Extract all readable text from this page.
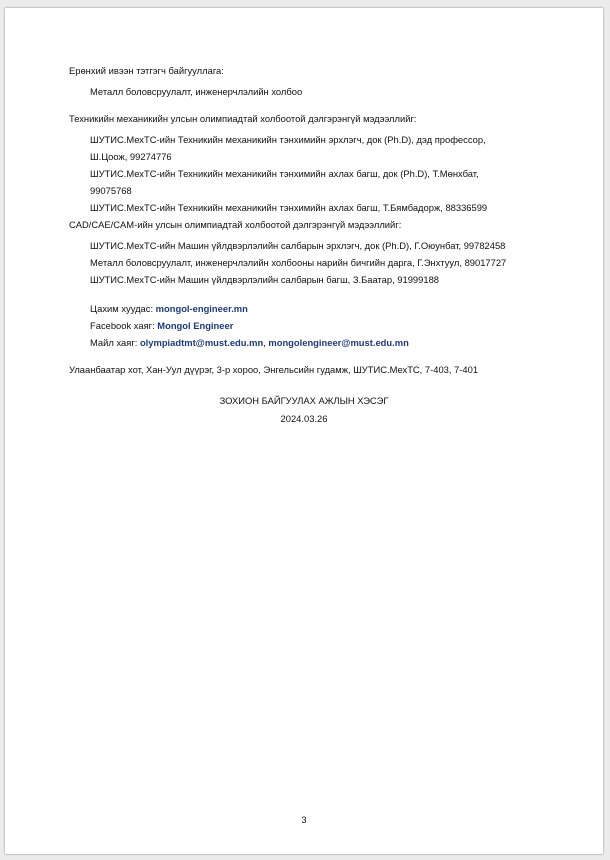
Ерөнхий ивээн тэтгэгч байгууллага:
Металл боловсруулалт, инженерчлэлийн холбоо
Техникийн механикийн улсын олимпиадтай холбоотой дэлгэрэнгүй мэдээллийг:
ШУТИС.МехТС-ийн Техникийн механикийн тэнхимийн эрхлэгч, док (Ph.D), дэд профессор,
Ш.Цоож, 99274776
ШУТИС.МехТС-ийн Техникийн механикийн тэнхимийн ахлах багш, док (Ph.D), Т.Мөнхбат,
99075768
ШУТИС.МехТС-ийн Техникийн механикийн тэнхимийн ахлах багш, Т.Бямбадорж, 88336599
CAD/CAE/CAM-ийн улсын олимпиадтай холбоотой дэлгэрэнгүй мэдээллийг:
ШУТИС.МехТС-ийн Машин үйлдвэрлэлийн салбарын эрхлэгч, док (Ph.D), Г.Оюунбат, 99782458
Металл боловсруулалт, инженерчлэлийн холбооны нарийн бичгийн дарга, Г.Энхтуул, 89017727
ШУТИС.МехТС-ийн Машин үйлдвэрлэлийн салбарын багш, З.Баатар, 91999188
Цахим хуудас: mongol-engineer.mn
Facebook хаяг: Mongol Engineer
Майл хаяг: olympiadtmt@must.edu.mn, mongolengineer@must.edu.mn
Улаанбаатар хот, Хан-Уул дүүрэг, 3-р хороо, Энгельсийн гудамж, ШУТИС.МехТС, 7-403, 7-401
ЗОХИОН БАЙГУУЛАХ АЖЛЫН ХЭСЭГ
2024.03.26
3
